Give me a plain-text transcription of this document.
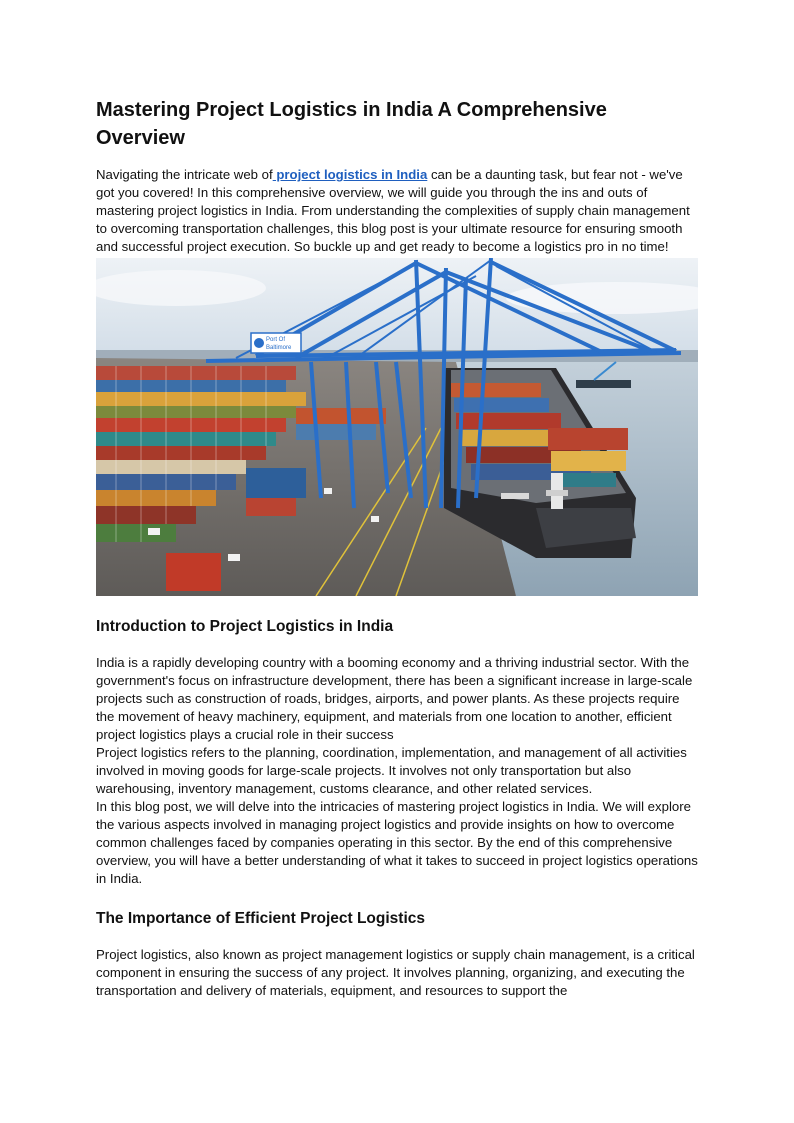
Mastering Project Logistics in India A Comprehensive Overview

Navigating the intricate web of project logistics in India can be a daunting task, but fear not - we've got you covered! In this comprehensive overview, we will guide you through the ins and outs of mastering project logistics in India. From understanding the complexities of supply chain management to overcoming transportation challenges, this blog post is your ultimate resource for ensuring smooth and successful project execution. So buckle up and get ready to become a logistics pro in no time!

Port Of
Baltimore
Introduction to Project Logistics in India

India is a rapidly developing country with a booming economy and a thriving industrial sector. With the government's focus on infrastructure development, there has been a significant increase in large-scale projects such as construction of roads, bridges, airports, and power plants. As these projects require the movement of heavy machinery, equipment, and materials from one location to another, efficient project logistics plays a crucial role in their success

Project logistics refers to the planning, coordination, implementation, and management of all activities involved in moving goods for large-scale projects. It involves not only transportation but also warehousing, inventory management, customs clearance, and other related services.

In this blog post, we will delve into the intricacies of mastering project logistics in India. We will explore the various aspects involved in managing project logistics and provide insights on how to overcome common challenges faced by companies operating in this sector. By the end of this comprehensive overview, you will have a better understanding of what it takes to succeed in project logistics operations in India.

The Importance of Efficient Project Logistics

Project logistics, also known as project management logistics or supply chain management, is a critical component in ensuring the success of any project. It involves planning, organizing, and executing the transportation and delivery of materials, equipment, and resources to support the
